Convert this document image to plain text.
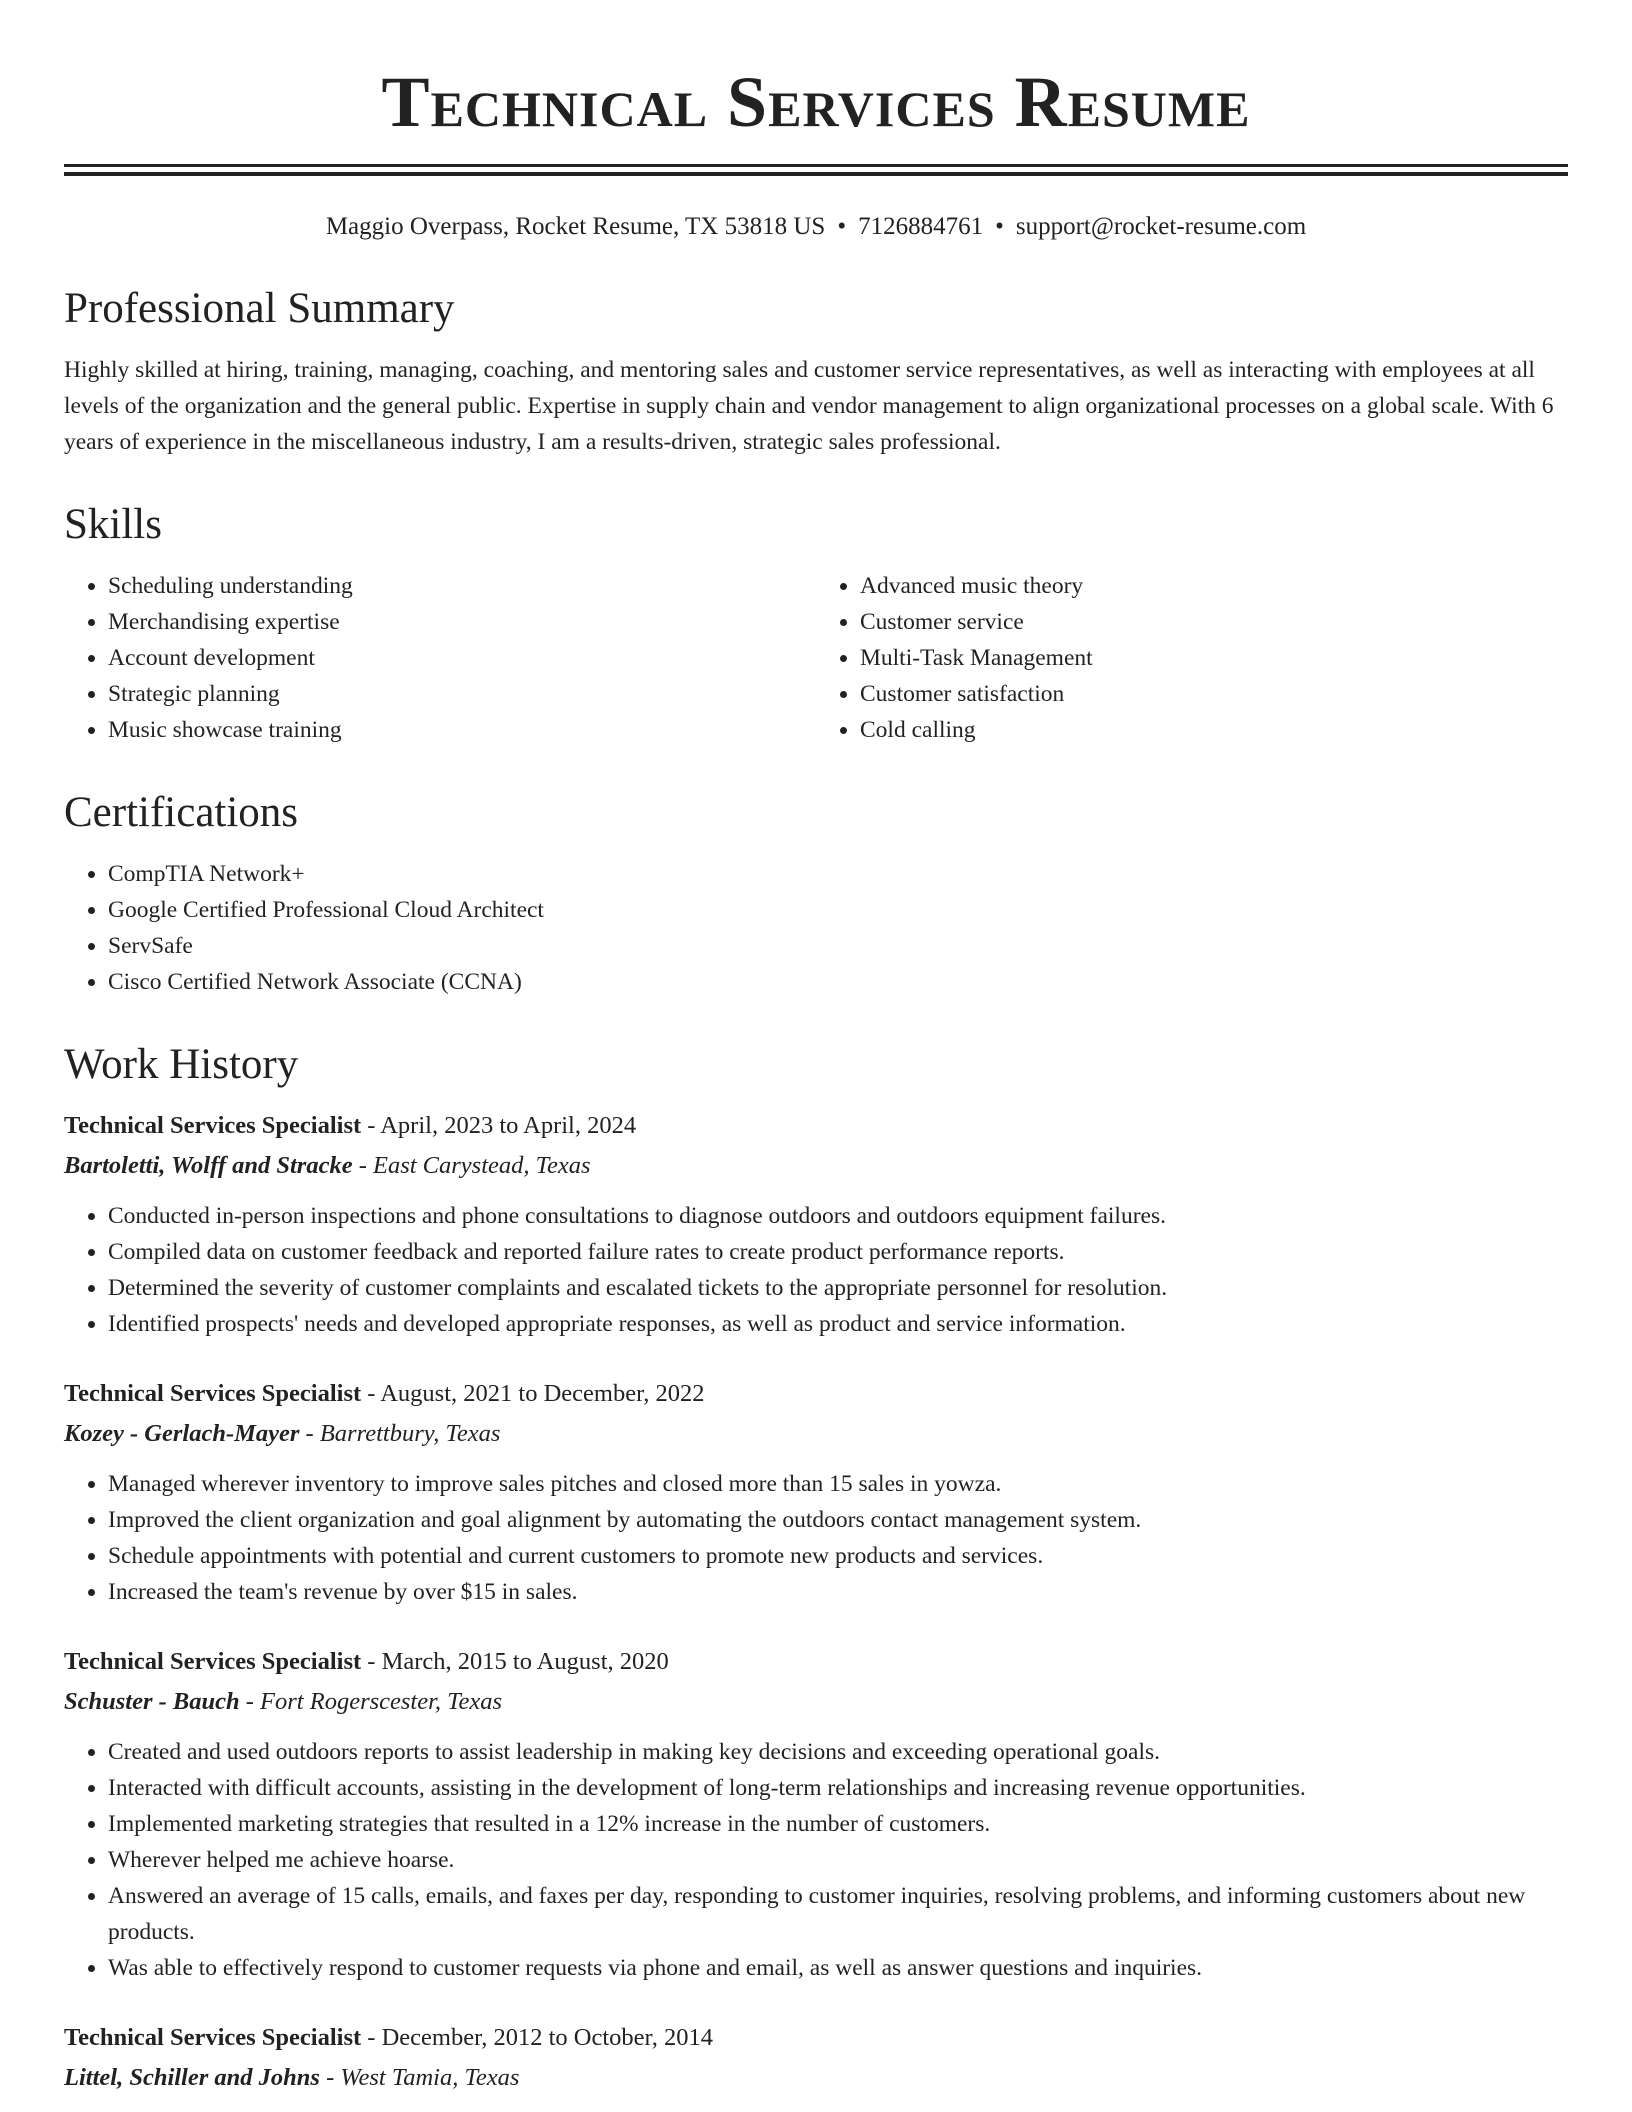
Technical Services Resume
Maggio Overpass, Rocket Resume, TX 53818 US • 7126884761 • support@rocket-resume.com
Professional Summary

Highly skilled at hiring, training, managing, coaching, and mentoring sales and customer service representatives, as well as interacting with employees at all levels of the organization and the general public. Expertise in supply chain and vendor management to align organizational processes on a global scale. With 6 years of experience in the miscellaneous industry, I am a results-driven, strategic sales professional.

Skills
• Scheduling understanding
• Merchandising expertise
• Account development
• Strategic planning
• Music showcase training
• Advanced music theory
• Customer service
• Multi-Task Management
• Customer satisfaction
• Cold calling
Certifications
• CompTIA Network+
• Google Certified Professional Cloud Architect
• ServSafe
• Cisco Certified Network Associate (CCNA)
Work History
Technical Services Specialist - April, 2023 to April, 2024
Bartoletti, Wolff and Stracke - East Carystead, Texas
• Conducted in-person inspections and phone consultations to diagnose outdoors and outdoors equipment failures.
• Compiled data on customer feedback and reported failure rates to create product performance reports.
• Determined the severity of customer complaints and escalated tickets to the appropriate personnel for resolution.
• Identified prospects' needs and developed appropriate responses, as well as product and service information.
Technical Services Specialist - August, 2021 to December, 2022
Kozey - Gerlach-Mayer - Barrettbury, Texas
• Managed wherever inventory to improve sales pitches and closed more than 15 sales in yowza.
• Improved the client organization and goal alignment by automating the outdoors contact management system.
• Schedule appointments with potential and current customers to promote new products and services.
• Increased the team's revenue by over $15 in sales.
Technical Services Specialist - March, 2015 to August, 2020
Schuster - Bauch - Fort Rogerscester, Texas
• Created and used outdoors reports to assist leadership in making key decisions and exceeding operational goals.
• Interacted with difficult accounts, assisting in the development of long-term relationships and increasing revenue opportunities.
• Implemented marketing strategies that resulted in a 12% increase in the number of customers.
• Wherever helped me achieve hoarse.
• Answered an average of 15 calls, emails, and faxes per day, responding to customer inquiries, resolving problems, and informing customers about new products.
• Was able to effectively respond to customer requests via phone and email, as well as answer questions and inquiries.
Technical Services Specialist - December, 2012 to October, 2014
Littel, Schiller and Johns - West Tamia, Texas
